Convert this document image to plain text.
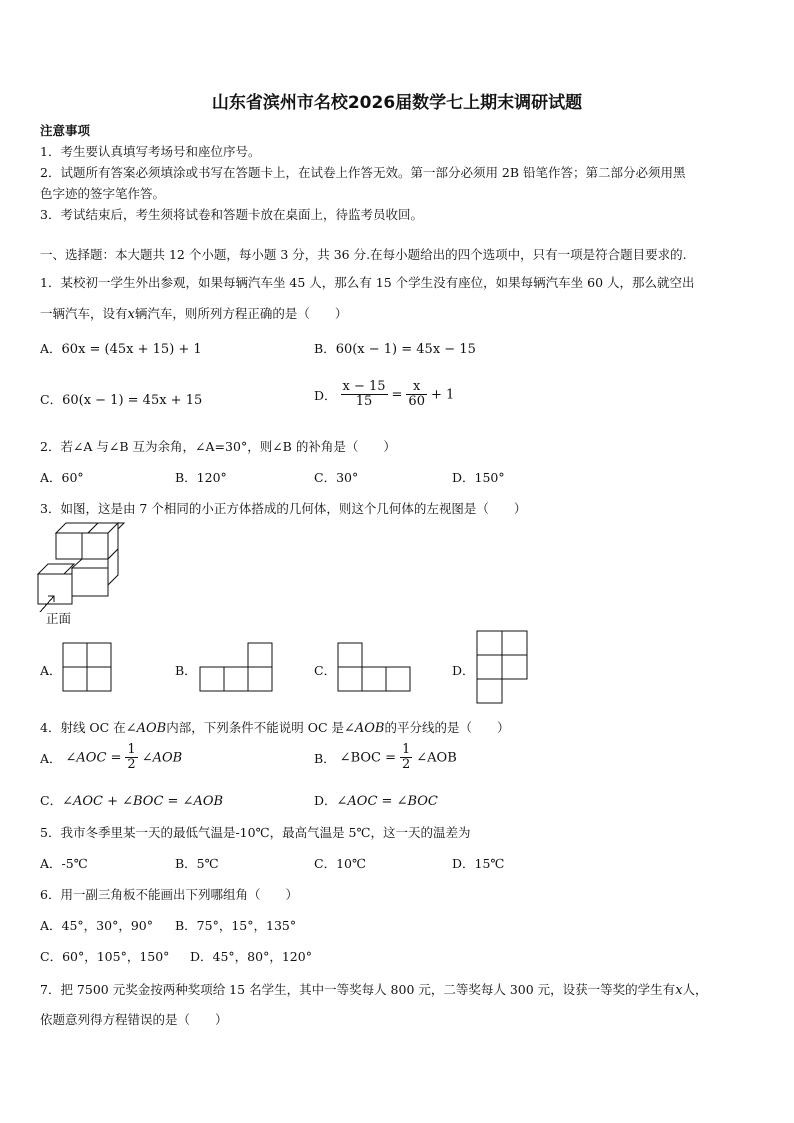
山东省滨州市名校2026届数学七上期末调研试题
注意事项
1．考生要认真填写考场号和座位序号。
2．试题所有答案必须填涂或书写在答题卡上，在试卷上作答无效。第一部分必须用 2B 铅笔作答；第二部分必须用黑
色字迹的签字笔作答。
3．考试结束后，考生须将试卷和答题卡放在桌面上，待监考员收回。
一、选择题：本大题共 12 个小题，每小题 3 分，共 36 分.在每小题给出的四个选项中，只有一项是符合题目要求的.
1．某校初一学生外出参观，如果每辆汽车坐 45 人，那么有 15 个学生没有座位，如果每辆汽车坐 60 人，那么就空出
一辆汽车，设有x辆汽车，则所列方程正确的是（　　）
A．60x = (45x + 15) + 1	B．60(x − 1) = 45x − 15
C．60(x − 1) = 45x + 15	D． $\frac{x - 15}{15} = \frac{x}{60} + 1$
2．若∠A 与∠B 互为余角，∠A=30°，则∠B 的补角是（　　）
A．60°	B．120°	C．30°	D．150°
3．如图，这是由 7 个相同的小正方体搭成的几何体，则这个几何体的左视图是（　　）
正面
A．	B．	C．	D．
4．射线 OC 在∠AOB内部，下列条件不能说明 OC 是∠AOB的平分线的是（　　）
A． ∠AOC = $\frac{1}{2}$ ∠AOB	B． ∠BOC = $\frac{1}{2}$ ∠AOB
C．∠AOC + ∠BOC = ∠AOB	D．∠AOC = ∠BOC
5．我市冬季里某一天的最低气温是-10℃，最高气温是 5℃，这一天的温差为
A．-5℃	B．5℃	C．10℃	D．15℃
6．用一副三角板不能画出下列哪组角（　　）
A．45°，30°，90° B．75°，15°，135°
C．60°，105°，150° D．45°，80°，120°
7．把 7500 元奖金按两种奖项给 15 名学生，其中一等奖每人 800 元，二等奖每人 300 元，设获一等奖的学生有x人，
依题意列得方程错误的是（　　）
